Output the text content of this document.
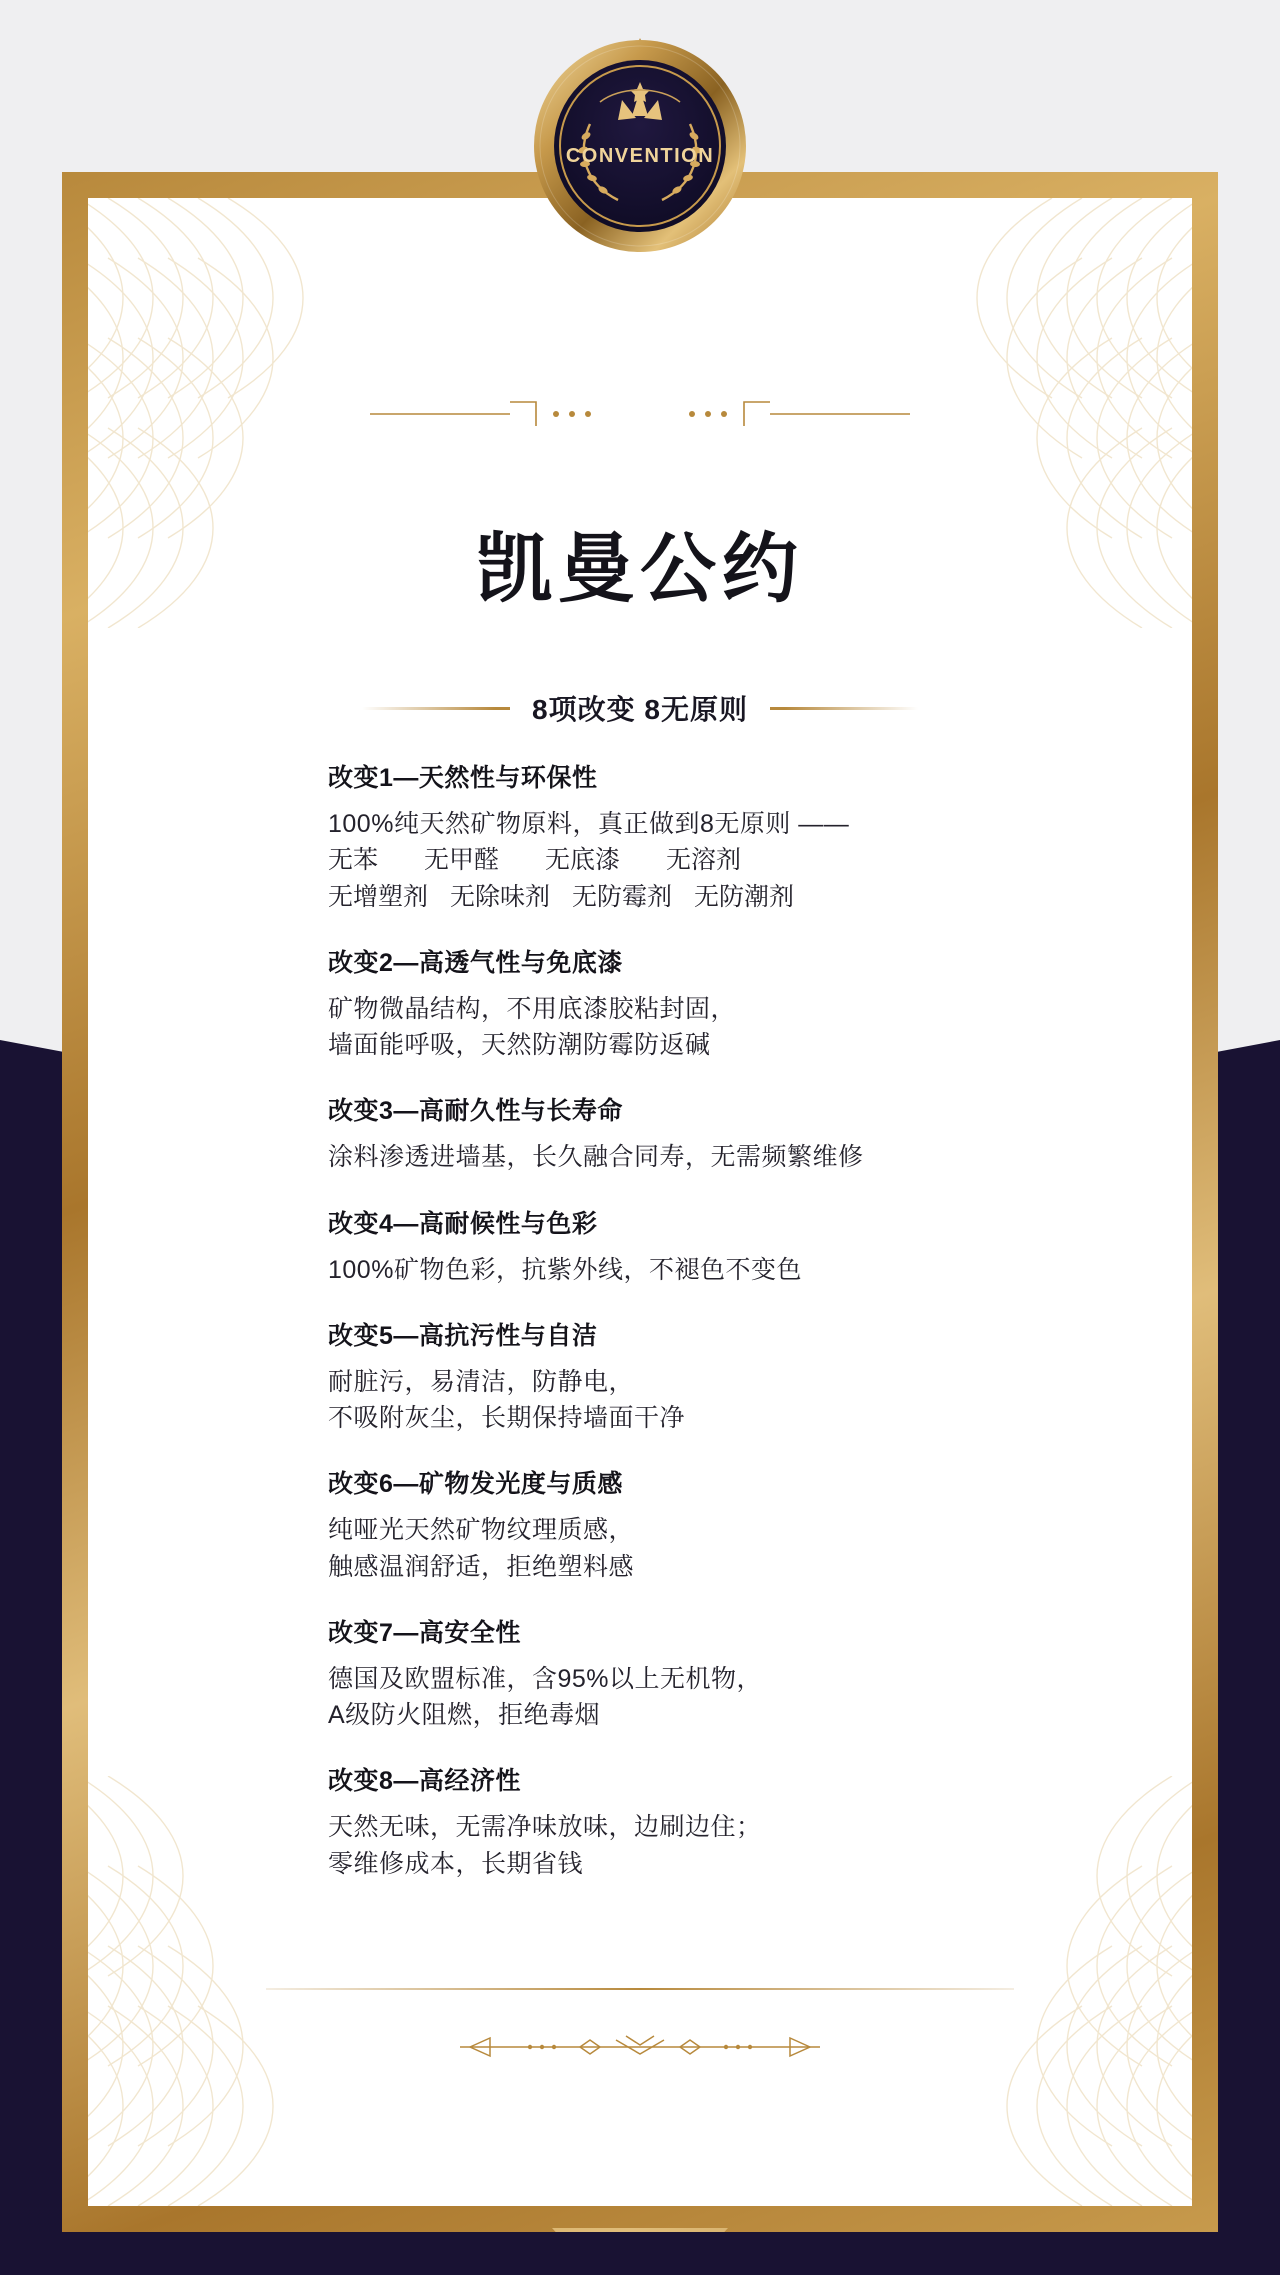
凯曼公约
8项改变 8无原则
改变1—天然性与环保性
100%纯天然矿物原料，真正做到8无原则 ——
无苯 无甲醛 无底漆 无溶剂
无增塑剂 无除味剂 无防霉剂 无防潮剂
改变2—高透气性与免底漆
矿物微晶结构，不用底漆胶粘封固，
墙面能呼吸，天然防潮防霉防返碱
改变3—高耐久性与长寿命
涂料渗透进墙基，长久融合同寿，无需频繁维修
改变4—高耐候性与色彩
100%矿物色彩，抗紫外线，不褪色不变色
改变5—高抗污性与自洁
耐脏污，易清洁，防静电，
不吸附灰尘，长期保持墙面干净
改变6—矿物发光度与质感
纯哑光天然矿物纹理质感，
触感温润舒适，拒绝塑料感
改变7—高安全性
德国及欧盟标准，含95%以上无机物，
A级防火阻燃，拒绝毒烟
改变8—高经济性
天然无味，无需净味放味，边刷边住；
零维修成本，长期省钱
CONVENTION
